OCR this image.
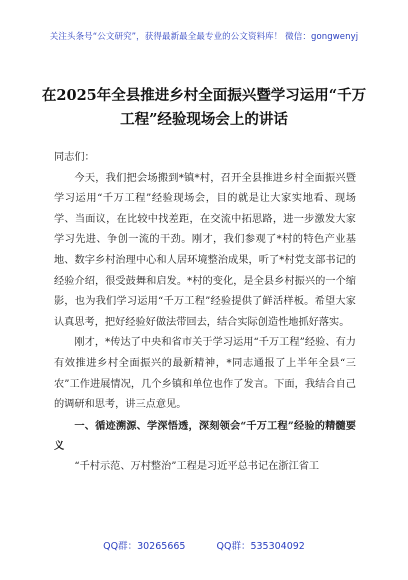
关注头条号“公文研究”，获得最新最全最专业的公文资料库！ 微信：gongwenyj
在2025年全县推进乡村全面振兴暨学习运用“千万工程”经验现场会上的讲话

同志们：

今天，我们把会场搬到*镇*村，召开全县推进乡村全面振兴暨学习运用“千万工程”经验现场会，目的就是让大家实地看、现场学、当面议，在比较中找差距，在交流中拓思路，进一步激发大家学习先进、争创一流的干劲。刚才，我们参观了*村的特色产业基地、数字乡村治理中心和人居环境整治成果，听了*村党支部书记的经验介绍，很受鼓舞和启发。*村的变化，是全县乡村振兴的一个缩影，也为我们学习运用“千万工程”经验提供了鲜活样板。希望大家认真思考，把好经验好做法带回去，结合实际创造性地抓好落实。

刚才，*传达了中央和省市关于学习运用“千万工程”经验、有力有效推进乡村全面振兴的最新精神，*同志通报了上半年全县“三农”工作进展情况，几个乡镇和单位也作了发言。下面，我结合自己的调研和思考，讲三点意见。

一、循迹溯源、学深悟透，深刻领会“千万工程”经验的精髓要义

“千村示范、万村整治”工程是习近平总书记在浙江省工

QQ群：30265665	QQ群：535304092
